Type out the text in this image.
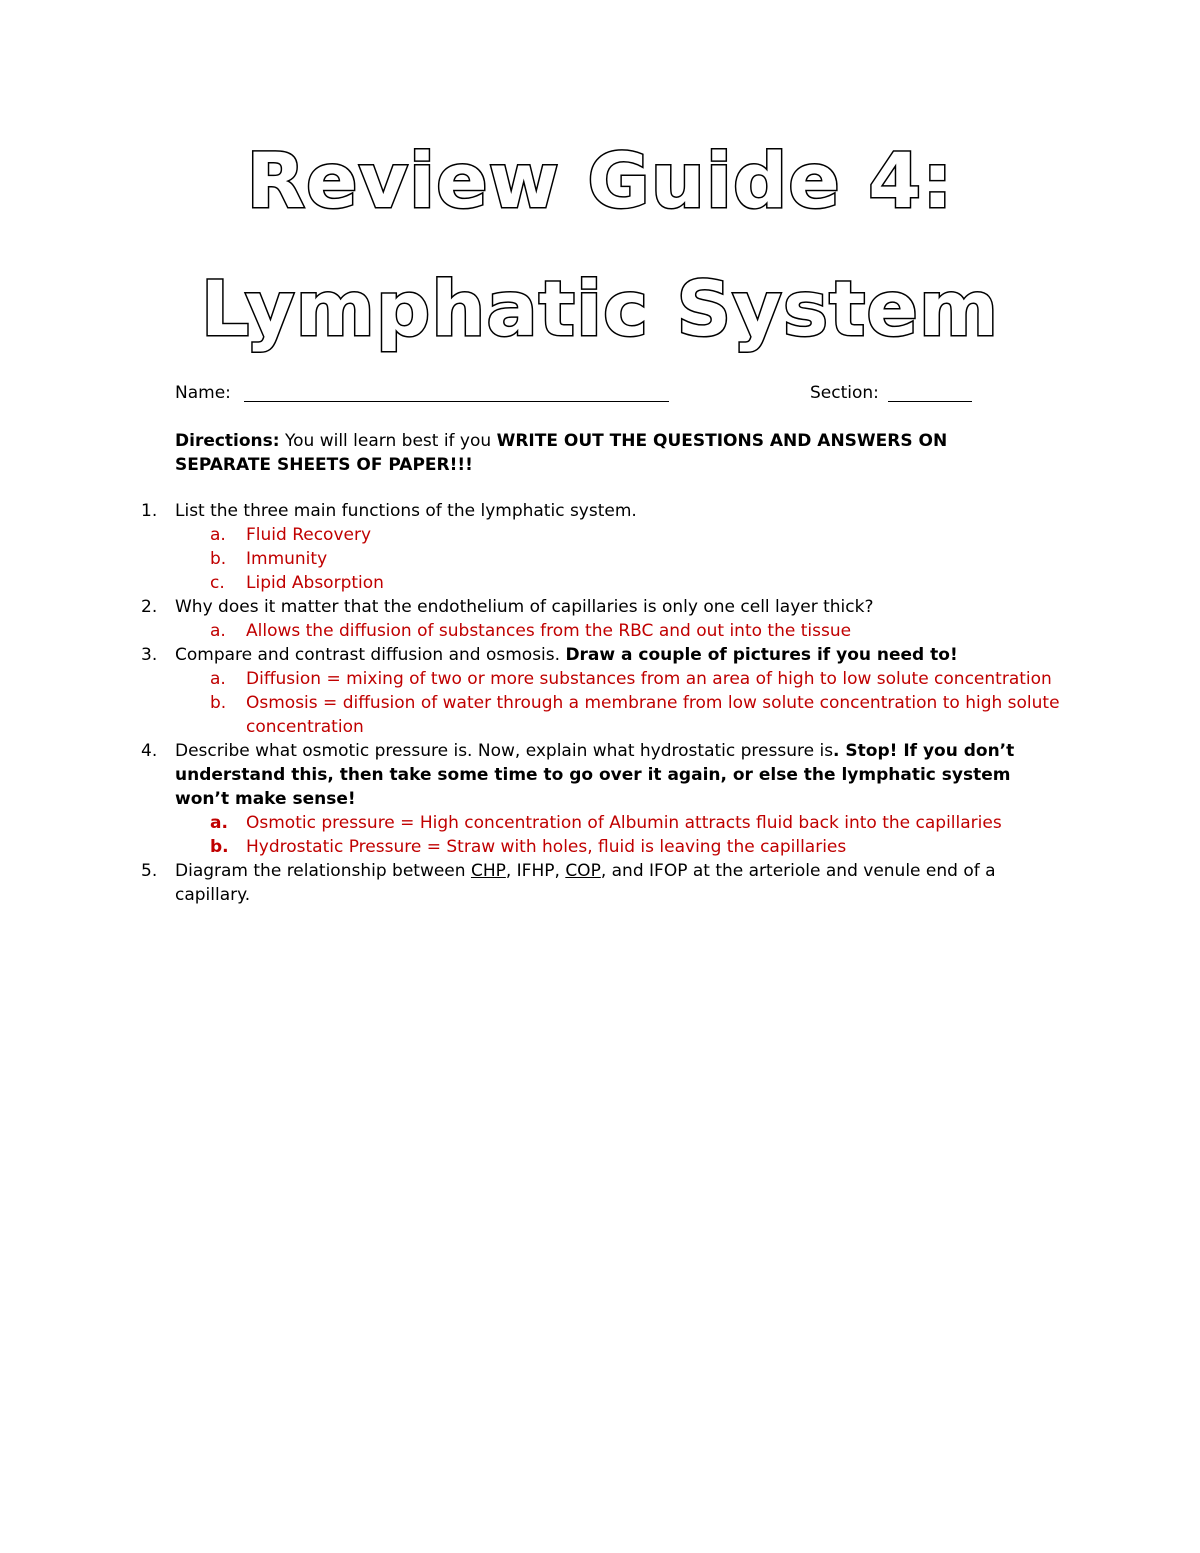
Review Guide 4:
Lymphatic System
Name:	Section:
Directions: You will learn best if you WRITE OUT THE QUESTIONS AND ANSWERS ON SEPARATE SHEETS OF PAPER!!!
1. List the three main functions of the lymphatic system.
a. Fluid Recovery
b. Immunity
c. Lipid Absorption
2. Why does it matter that the endothelium of capillaries is only one cell layer thick?
a. Allows the diffusion of substances from the RBC and out into the tissue
3. Compare and contrast diffusion and osmosis. Draw a couple of pictures if you need to!
a. Diffusion = mixing of two or more substances from an area of high to low solute concentration
b. Osmosis = diffusion of water through a membrane from low solute concentration to high solute concentration
4. Describe what osmotic pressure is. Now, explain what hydrostatic pressure is. Stop! If you don’t understand this, then take some time to go over it again, or else the lymphatic system won’t make sense!
a. Osmotic pressure = High concentration of Albumin attracts fluid back into the capillaries
b. Hydrostatic Pressure = Straw with holes, fluid is leaving the capillaries
5. Diagram the relationship between CHP, IFHP, COP, and IFOP at the arteriole and venule end of a capillary.
